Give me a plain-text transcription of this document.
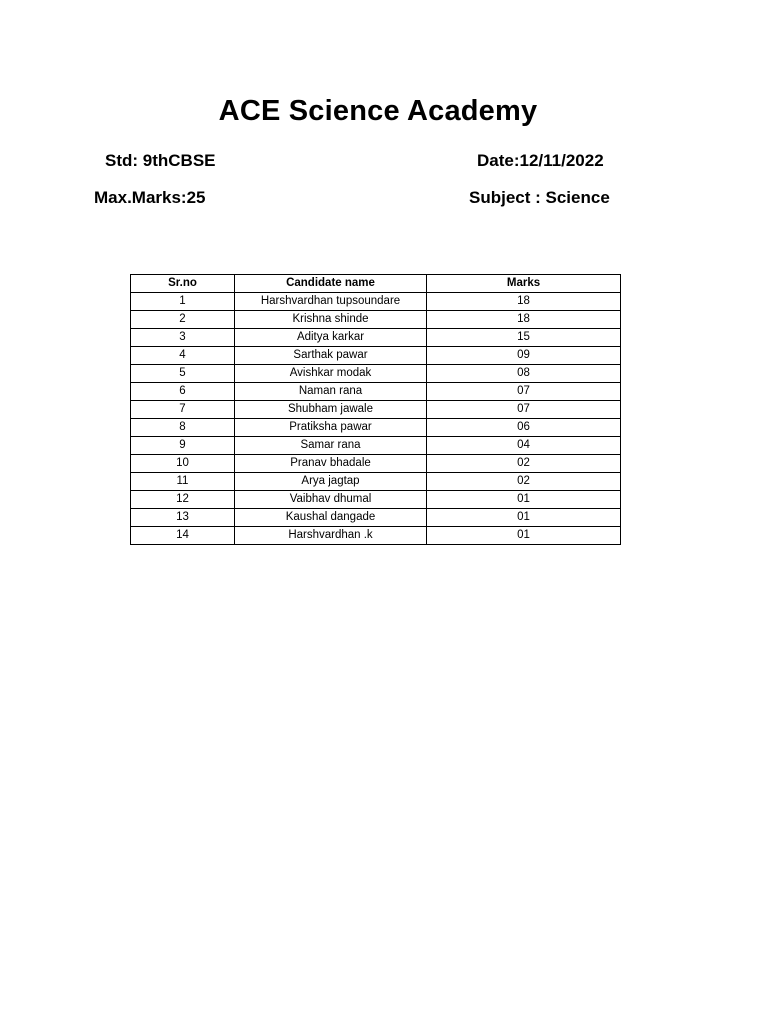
ACE Science Academy
Std: 9thCBSE	Date:12/11/2022
Max.Marks:25	Subject : Science
Sr.no	Candidate name	Marks
1	Harshvardhan tupsoundare	18
2	Krishna shinde	18
3	Aditya karkar	15
4	Sarthak pawar	09
5	Avishkar modak	08
6	Naman rana	07
7	Shubham jawale	07
8	Pratiksha pawar	06
9	Samar rana	04
10	Pranav bhadale	02
11	Arya jagtap	02
12	Vaibhav dhumal	01
13	Kaushal dangade	01
14	Harshvardhan .k	01
